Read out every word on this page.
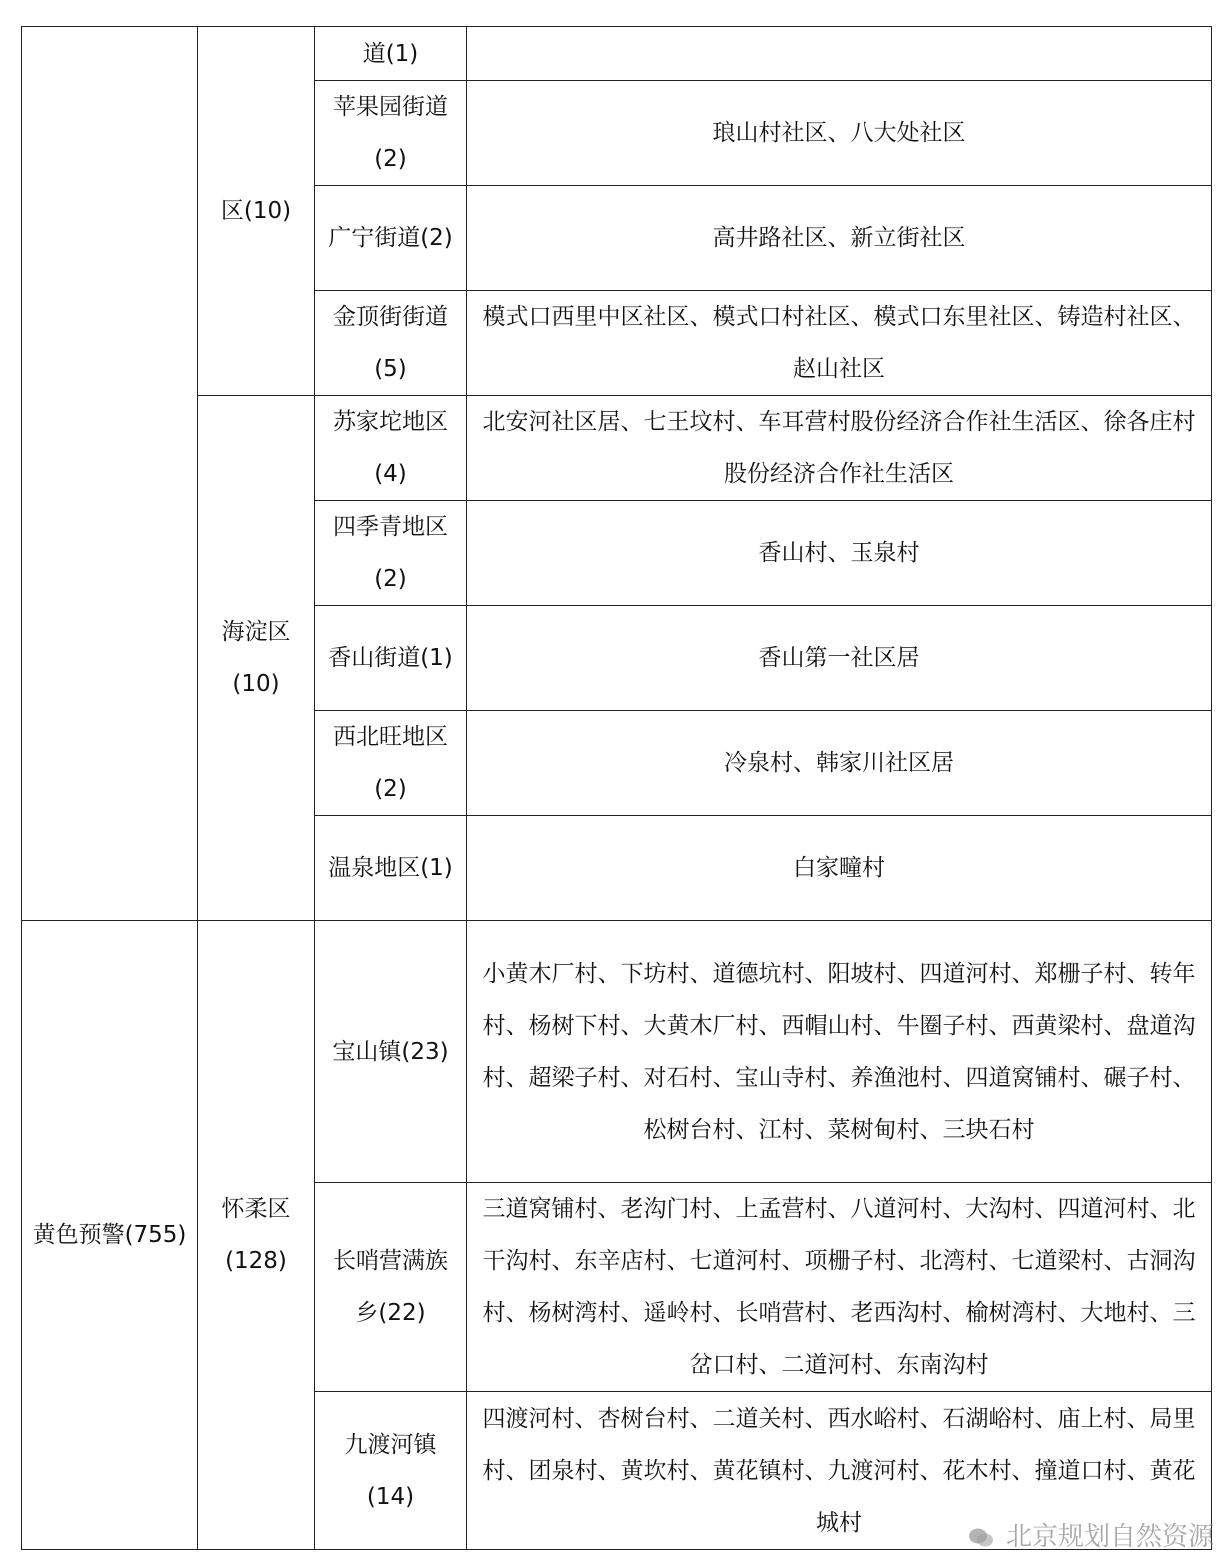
	区(10)	道(1)	

		苹果园街道(2)	琅山村社区、八大处社区

		广宁街道(2)	高井路社区、新立街社区

		金顶街街道(5)	模式口西里中区社区、模式口村社区、模式口东里社区、铸造村社区、赵山社区

	海淀区(10)	苏家坨地区(4)	北安河社区居、七王坟村、车耳营村股份经济合作社生活区、徐各庄村股份经济合作社生活区

		四季青地区(2)	香山村、玉泉村

		香山街道(1)	香山第一社区居

		西北旺地区(2)	冷泉村、韩家川社区居

		温泉地区(1)	白家疃村

黄色预警(755)	怀柔区(128)	宝山镇(23)	小黄木厂村、下坊村、道德坑村、阳坡村、四道河村、郑栅子村、转年村、杨树下村、大黄木厂村、西帽山村、牛圈子村、西黄梁村、盘道沟村、超梁子村、对石村、宝山寺村、养渔池村、四道窝铺村、碾子村、松树台村、江村、菜树甸村、三块石村

		长哨营满族乡(22)	三道窝铺村、老沟门村、上孟营村、八道河村、大沟村、四道河村、北干沟村、东辛店村、七道河村、项栅子村、北湾村、七道梁村、古洞沟村、杨树湾村、遥岭村、长哨营村、老西沟村、榆树湾村、大地村、三岔口村、二道河村、东南沟村

		九渡河镇(14)	四渡河村、杏树台村、二道关村、西水峪村、石湖峪村、庙上村、局里村、团泉村、黄坎村、黄花镇村、九渡河村、花木村、撞道口村、黄花城村	北京规划自然资源
